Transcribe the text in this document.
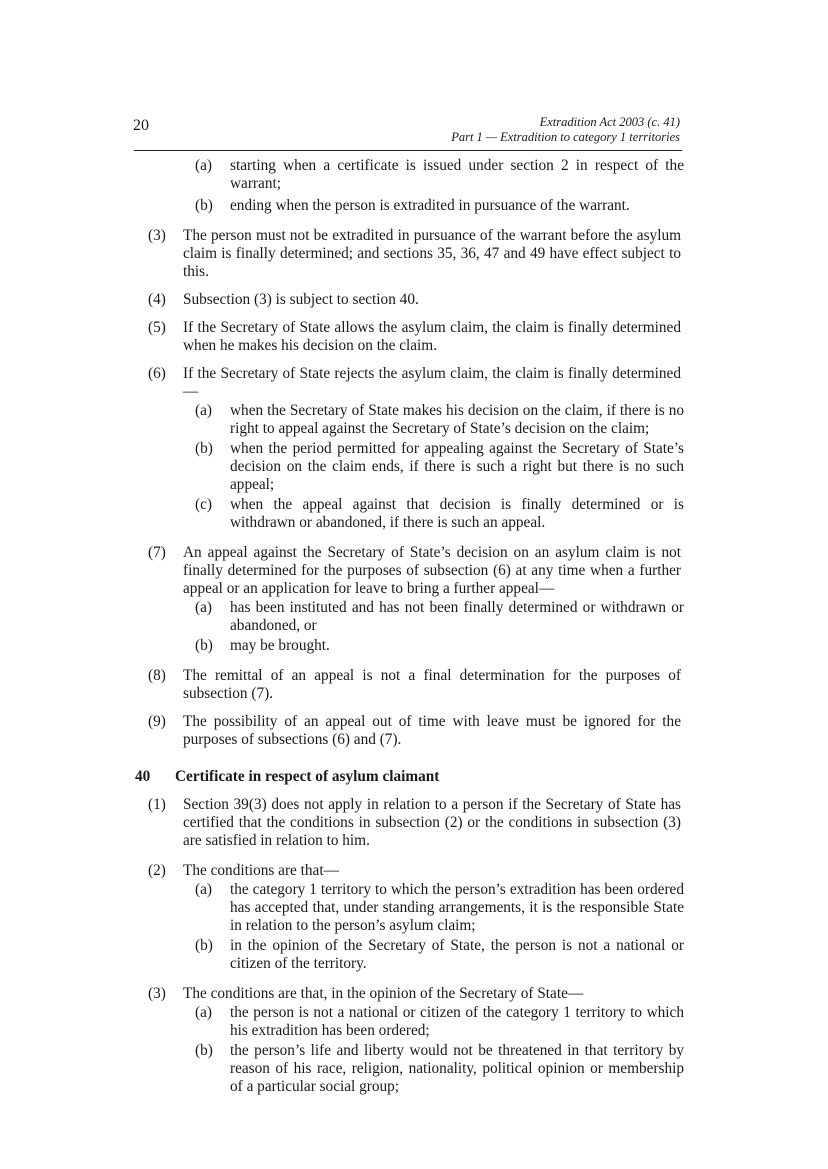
20	Extradition Act 2003 (c. 41)
Part 1 — Extradition to category 1 territories
(a) starting when a certificate is issued under section 2 in respect of the warrant;
(b) ending when the person is extradited in pursuance of the warrant.
(3) The person must not be extradited in pursuance of the warrant before the asylum claim is finally determined; and sections 35, 36, 47 and 49 have effect subject to this.
(4) Subsection (3) is subject to section 40.
(5) If the Secretary of State allows the asylum claim, the claim is finally determined when he makes his decision on the claim.
(6) If the Secretary of State rejects the asylum claim, the claim is finally determined—
(a) when the Secretary of State makes his decision on the claim, if there is no right to appeal against the Secretary of State’s decision on the claim;
(b) when the period permitted for appealing against the Secretary of State’s decision on the claim ends, if there is such a right but there is no such appeal;
(c) when the appeal against that decision is finally determined or is withdrawn or abandoned, if there is such an appeal.
(7) An appeal against the Secretary of State’s decision on an asylum claim is not finally determined for the purposes of subsection (6) at any time when a further appeal or an application for leave to bring a further appeal—
(a) has been instituted and has not been finally determined or withdrawn or abandoned, or
(b) may be brought.
(8) The remittal of an appeal is not a final determination for the purposes of subsection (7).
(9) The possibility of an appeal out of time with leave must be ignored for the purposes of subsections (6) and (7).
40 Certificate in respect of asylum claimant
(1) Section 39(3) does not apply in relation to a person if the Secretary of State has certified that the conditions in subsection (2) or the conditions in subsection (3) are satisfied in relation to him.
(2) The conditions are that—
(a) the category 1 territory to which the person’s extradition has been ordered has accepted that, under standing arrangements, it is the responsible State in relation to the person’s asylum claim;
(b) in the opinion of the Secretary of State, the person is not a national or citizen of the territory.
(3) The conditions are that, in the opinion of the Secretary of State—
(a) the person is not a national or citizen of the category 1 territory to which his extradition has been ordered;
(b) the person’s life and liberty would not be threatened in that territory by reason of his race, religion, nationality, political opinion or membership of a particular social group;
